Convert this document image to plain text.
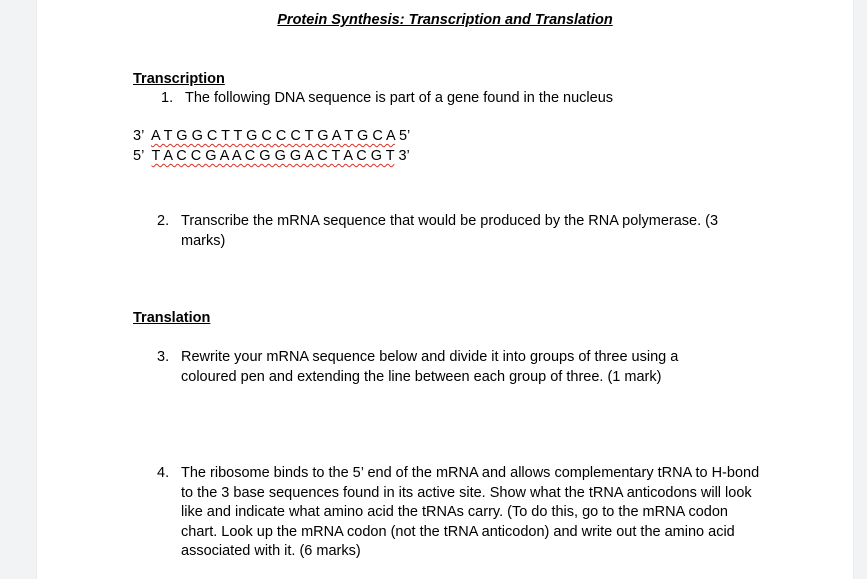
Protein Synthesis: Transcription and Translation
Transcription
1. The following DNA sequence is part of a gene found in the nucleus
3’ A T G G C T T G C C C T G A T G C A 5’
5’ T A C C G A A C G G G A C T A C G T 3’
2. Transcribe the mRNA sequence that would be produced by the RNA polymerase. (3 marks)
Translation
3. Rewrite your mRNA sequence below and divide it into groups of three using a coloured pen and extending the line between each group of three. (1 mark)
4. The ribosome binds to the 5’ end of the mRNA and allows complementary tRNA to H-bond to the 3 base sequences found in its active site. Show what the tRNA anticodons will look like and indicate what amino acid the tRNAs carry. (To do this, go to the mRNA codon chart. Look up the mRNA codon (not the tRNA anticodon) and write out the amino acid associated with it. (6 marks)
